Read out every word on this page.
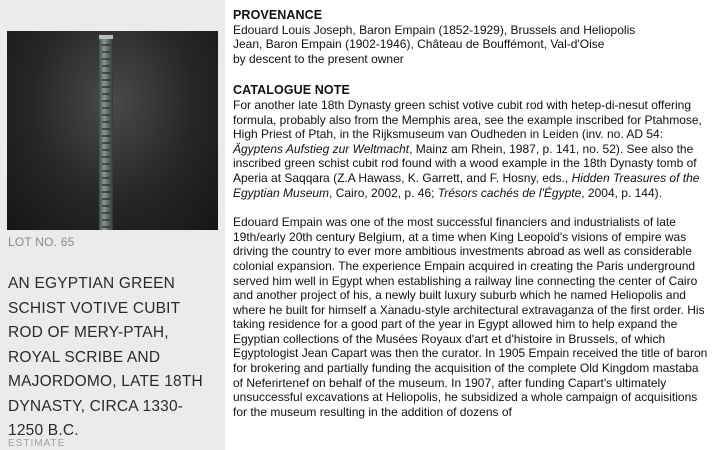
LOT NO. 65
AN EGYPTIAN GREEN SCHIST VOTIVE CUBIT ROD OF MERY-PTAH, ROYAL SCRIBE AND MAJORDOMO, LATE 18TH DYNASTY, CIRCA 1330-1250 B.C.
ESTIMATE
PROVENANCE
Edouard Louis Joseph, Baron Empain (1852-1929), Brussels and Heliopolis
Jean, Baron Empain (1902-1946), Château de Bouffémont, Val-d'Oise
by descent to the present owner
CATALOGUE NOTE

For another late 18th Dynasty green schist votive cubit rod with hetep-di-nesut offering formula, probably also from the Memphis area, see the example inscribed for Ptahmose, High Priest of Ptah, in the Rijksmuseum van Oudheden in Leiden (inv. no. AD 54: Ägyptens Aufstieg zur Weltmacht, Mainz am Rhein, 1987, p. 141, no. 52). See also the inscribed green schist cubit rod found with a wood example in the 18th Dynasty tomb of Aperia at Saqqara (Z.A Hawass, K. Garrett, and F. Hosny, eds., Hidden Treasures of the Egyptian Museum, Cairo, 2002, p. 46; Trésors cachés de l'Égypte, 2004, p. 144).

Edouard Empain was one of the most successful financiers and industrialists of late 19th/early 20th century Belgium, at a time when King Leopold's visions of empire was driving the country to ever more ambitious investments abroad as well as considerable colonial expansion. The experience Empain acquired in creating the Paris underground served him well in Egypt when establishing a railway line connecting the center of Cairo and another project of his, a newly built luxury suburb which he named Heliopolis and where he built for himself a Xanadu-style architectural extravaganza of the first order. His taking residence for a good part of the year in Egypt allowed him to help expand the Egyptian collections of the Musées Royaux d'art et d'histoire in Brussels, of which Egyptologist Jean Capart was then the curator. In 1905 Empain received the title of baron for brokering and partially funding the acquisition of the complete Old Kingdom mastaba of Neferirtenef on behalf of the museum. In 1907, after funding Capart's ultimately unsuccessful excavations at Heliopolis, he subsidized a whole campaign of acquisitions for the museum resulting in the addition of dozens of
